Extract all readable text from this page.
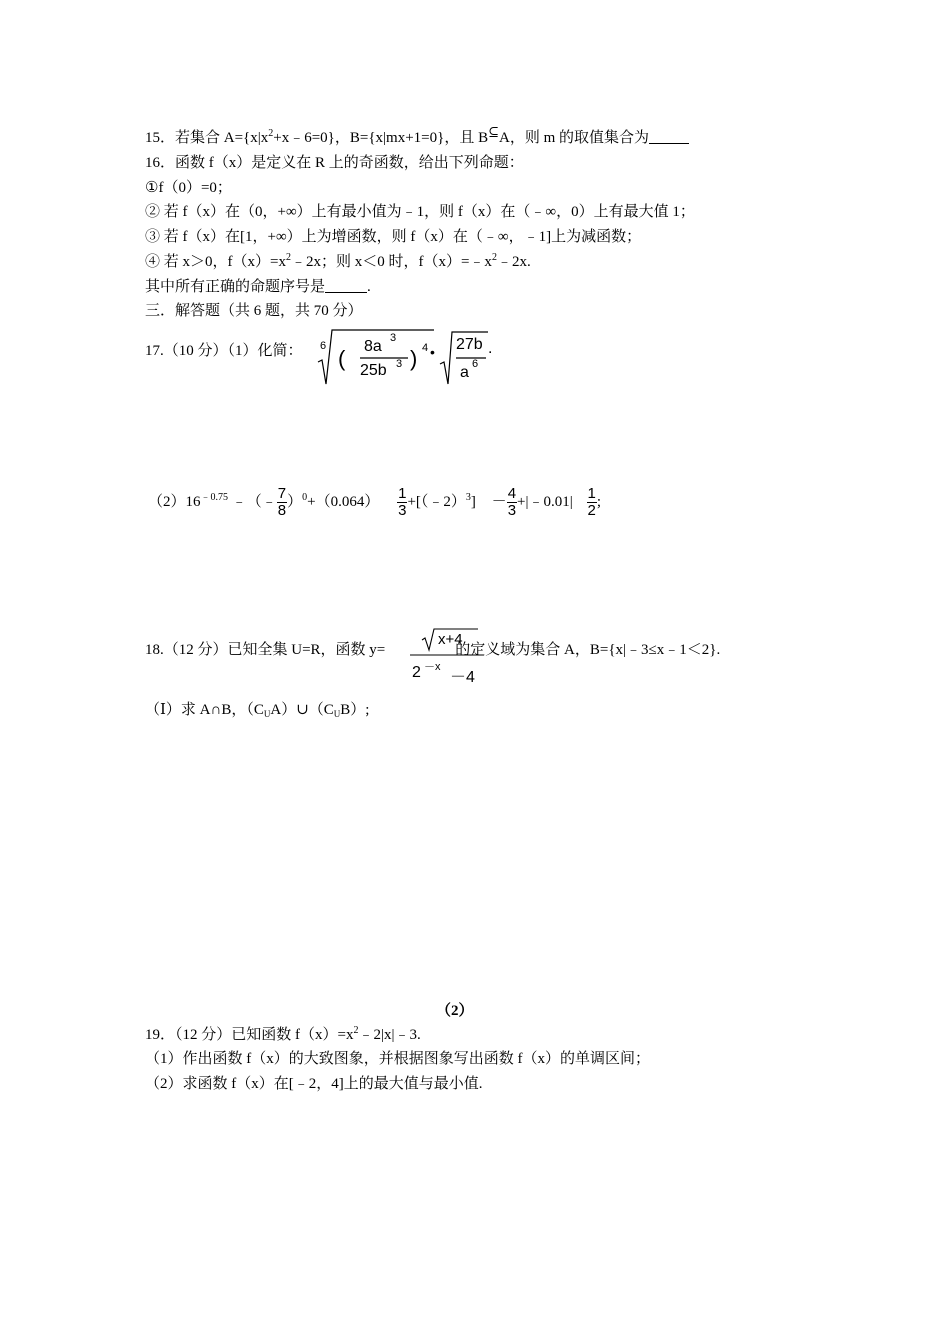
15．若集合 $A=\{x|x^2+x﹣6=0\}$，B={x|mx+1=0}，且 B⊆A，则 m 的取值集合为
16．函数 f（x）是定义在 R 上的奇函数，给出下列命题：
①f（0）=0；
② 若 f（x）在（0，+∞）上有最小值为﹣1，则 f（x）在（﹣∞，0）上有最大值 1；
③ 若 f（x）在[1，+∞）上为增函数，则 f（x）在（﹣∞，﹣1]上为减函数；
④ 若 x＞0，$f(x)=x^2﹣2x$；则 x＜0 时，$f(x)=﹣x^2﹣2x$.
其中所有正确的命题序号是	.
三．解答题（共 6 题，共 70 分）
17.（10 分）（1）化简： 6 ( 8a 3
25b 3 ) 4 • 27b
a 6
.
$(2)16^{﹣0.75}$ ﹣（﹣ $\frac{7}{8} )^0+(0.064) \frac{1}{3}$ +[（﹣2）$^3$] － $\frac{4}{3}$ +|﹣0.01| $\frac{1}{2}$ ;
18.（12 分）已知全集 U=R，函数 y=	的定义域为集合 A，B={x|﹣3≤x﹣1＜2}.
x+4
2 －x
－4
（Ⅰ）求 A∩B，$(C_UA)\cup(C_UB)$;
（2）
19．（12 分）已知函数 $f(x)=x^2﹣2|x|﹣3$.
（1）作出函数 f（x）的大致图象，并根据图象写出函数 f（x）的单调区间；
（2）求函数 f（x）在[﹣2，4]上的最大值与最小值.
